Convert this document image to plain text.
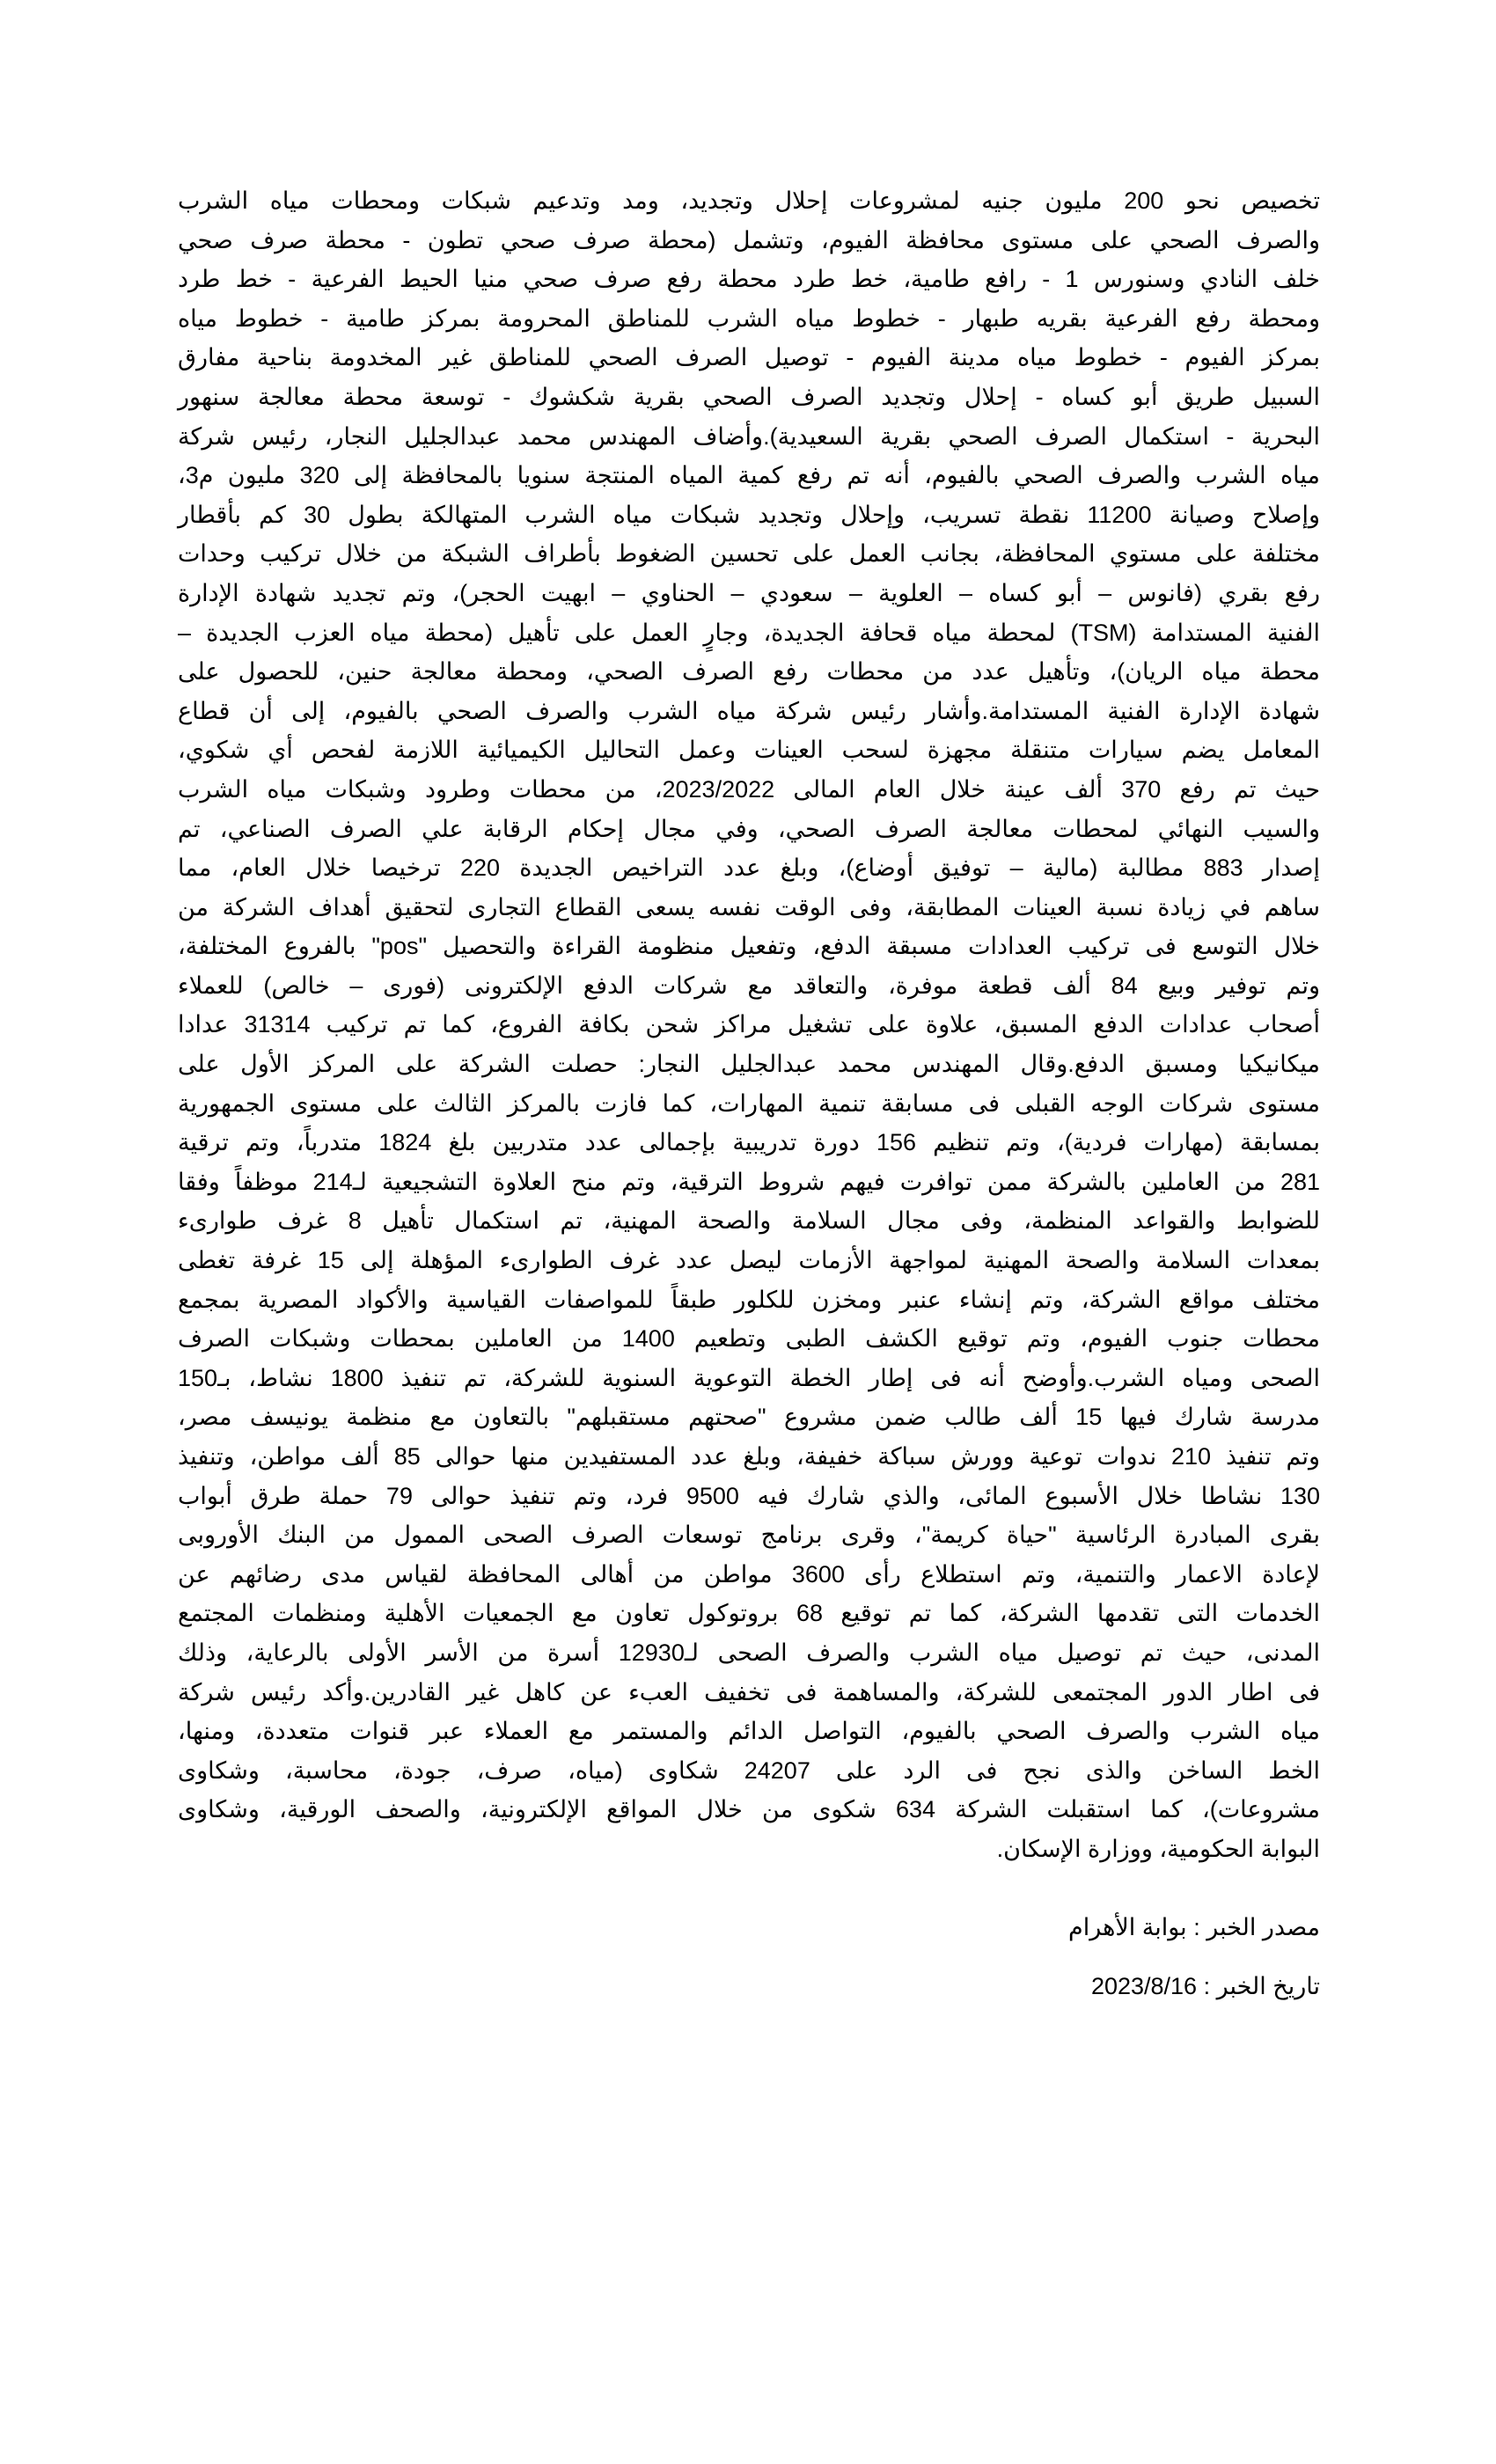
تخصيص نحو 200 مليون جنيه لمشروعات إحلال وتجديد، ومد وتدعيم شبكات ومحطات مياه الشرب
والصرف الصحي على مستوى محافظة الفيوم، وتشمل (محطة صرف صحي تطون - محطة صرف صحي
خلف النادي وسنورس 1 - رافع طامية، خط طرد محطة رفع صرف صحي منيا الحيط الفرعية - خط طرد
ومحطة رفع الفرعية بقريه طبهار - خطوط مياه الشرب للمناطق المحرومة بمركز طامية - خطوط مياه
بمركز الفيوم - خطوط مياه مدينة الفيوم - توصيل الصرف الصحي للمناطق غير المخدومة بناحية مفارق
السبيل طريق أبو كساه - إحلال وتجديد الصرف الصحي بقرية شكشوك - توسعة محطة معالجة سنهور
البحرية - استكمال الصرف الصحي بقرية السعيدية).وأضاف المهندس محمد عبدالجليل النجار، رئيس شركة
مياه الشرب والصرف الصحي بالفيوم، أنه تم رفع كمية المياه المنتجة سنويا بالمحافظة إلى 320 مليون م3،
وإصلاح وصيانة 11200 نقطة تسريب، وإحلال وتجديد شبكات مياه الشرب المتهالكة بطول 30 كم بأقطار
مختلفة على مستوي المحافظة، بجانب العمل على تحسين الضغوط بأطراف الشبكة من خلال تركيب وحدات
رفع بقري (فانوس – أبو كساه – العلوية – سعودي – الحناوي – ابهيت الحجر)، وتم تجديد شهادة الإدارة
الفنية المستدامة (TSM) لمحطة مياه قحافة الجديدة، وجارٍ العمل على تأهيل (محطة مياه العزب الجديدة –
محطة مياه الريان)، وتأهيل عدد من محطات رفع الصرف الصحي، ومحطة معالجة حنين، للحصول على
شهادة الإدارة الفنية المستدامة.وأشار رئيس شركة مياه الشرب والصرف الصحي بالفيوم، إلى أن قطاع
المعامل يضم سيارات متنقلة مجهزة لسحب العينات وعمل التحاليل الكيميائية اللازمة لفحص أي شكوي،
حيث تم رفع 370 ألف عينة خلال العام المالى 2023/2022، من محطات وطرود وشبكات مياه الشرب
والسيب النهائي لمحطات معالجة الصرف الصحي، وفي مجال إحكام الرقابة علي الصرف الصناعي، تم
إصدار 883 مطالبة (مالية – توفيق أوضاع)، وبلغ عدد التراخيص الجديدة 220 ترخيصا خلال العام، مما
ساهم في زيادة نسبة العينات المطابقة، وفى الوقت نفسه يسعى القطاع التجارى لتحقيق أهداف الشركة من
خلال التوسع فى تركيب العدادات مسبقة الدفع، وتفعيل منظومة القراءة والتحصيل "pos" بالفروع المختلفة،
وتم توفير وبيع 84 ألف قطعة موفرة، والتعاقد مع شركات الدفع الإلكترونى (فورى – خالص) للعملاء
أصحاب عدادات الدفع المسبق، علاوة على تشغيل مراكز شحن بكافة الفروع، كما تم تركيب 31314 عدادا
ميكانيكيا ومسبق الدفع.وقال المهندس محمد عبدالجليل النجار: حصلت الشركة على المركز الأول على
مستوى شركات الوجه القبلى فى مسابقة تنمية المهارات، كما فازت بالمركز الثالث على مستوى الجمهورية
بمسابقة (مهارات فردية)، وتم تنظيم 156 دورة تدريبية بإجمالى عدد متدربين بلغ 1824 متدرباً، وتم ترقية
281 من العاملين بالشركة ممن توافرت فيهم شروط الترقية، وتم منح العلاوة التشجيعية لـ214 موظفاً وفقا
للضوابط والقواعد المنظمة، وفى مجال السلامة والصحة المهنية، تم استكمال تأهيل 8 غرف طوارىء
بمعدات السلامة والصحة المهنية لمواجهة الأزمات ليصل عدد غرف الطوارىء المؤهلة إلى 15 غرفة تغطى
مختلف مواقع الشركة، وتم إنشاء عنبر ومخزن للكلور طبقاً للمواصفات القياسية والأكواد المصرية بمجمع
محطات جنوب الفيوم، وتم توقيع الكشف الطبى وتطعيم 1400 من العاملين بمحطات وشبكات الصرف
الصحى ومياه الشرب.وأوضح أنه فى إطار الخطة التوعوية السنوية للشركة، تم تنفيذ 1800 نشاط، بـ150
مدرسة شارك فيها 15 ألف طالب ضمن مشروع "صحتهم مستقبلهم" بالتعاون مع منظمة يونيسف مصر،
وتم تنفيذ 210 ندوات توعية وورش سباكة خفيفة، وبلغ عدد المستفيدين منها حوالى 85 ألف مواطن، وتنفيذ
130 نشاطا خلال الأسبوع المائى، والذي شارك فيه 9500 فرد، وتم تنفيذ حوالى 79 حملة طرق أبواب
بقرى المبادرة الرئاسية "حياة كريمة"، وقرى برنامج توسعات الصرف الصحى الممول من البنك الأوروبى
لإعادة الاعمار والتنمية، وتم استطلاع رأى 3600 مواطن من أهالى المحافظة لقياس مدى رضائهم عن
الخدمات التى تقدمها الشركة، كما تم توقيع 68 بروتوكول تعاون مع الجمعيات الأهلية ومنظمات المجتمع
المدنى، حيث تم توصيل مياه الشرب والصرف الصحى لـ12930 أسرة من الأسر الأولى بالرعاية، وذلك
فى اطار الدور المجتمعى للشركة، والمساهمة فى تخفيف العبء عن كاهل غير القادرين.وأكد رئيس شركة
مياه الشرب والصرف الصحي بالفيوم، التواصل الدائم والمستمر مع العملاء عبر قنوات متعددة، ومنها،
الخط الساخن والذى نجح فى الرد على 24207 شكاوى (مياه، صرف، جودة، محاسبة، وشكاوى
مشروعات)، كما استقبلت الشركة 634 شكوى من خلال المواقع الإلكترونية، والصحف الورقية، وشكاوى
البوابة الحكومية، ووزارة الإسكان.
مصدر الخبر : بوابة الأهرام
تاريخ الخبر : 2023/8/16
